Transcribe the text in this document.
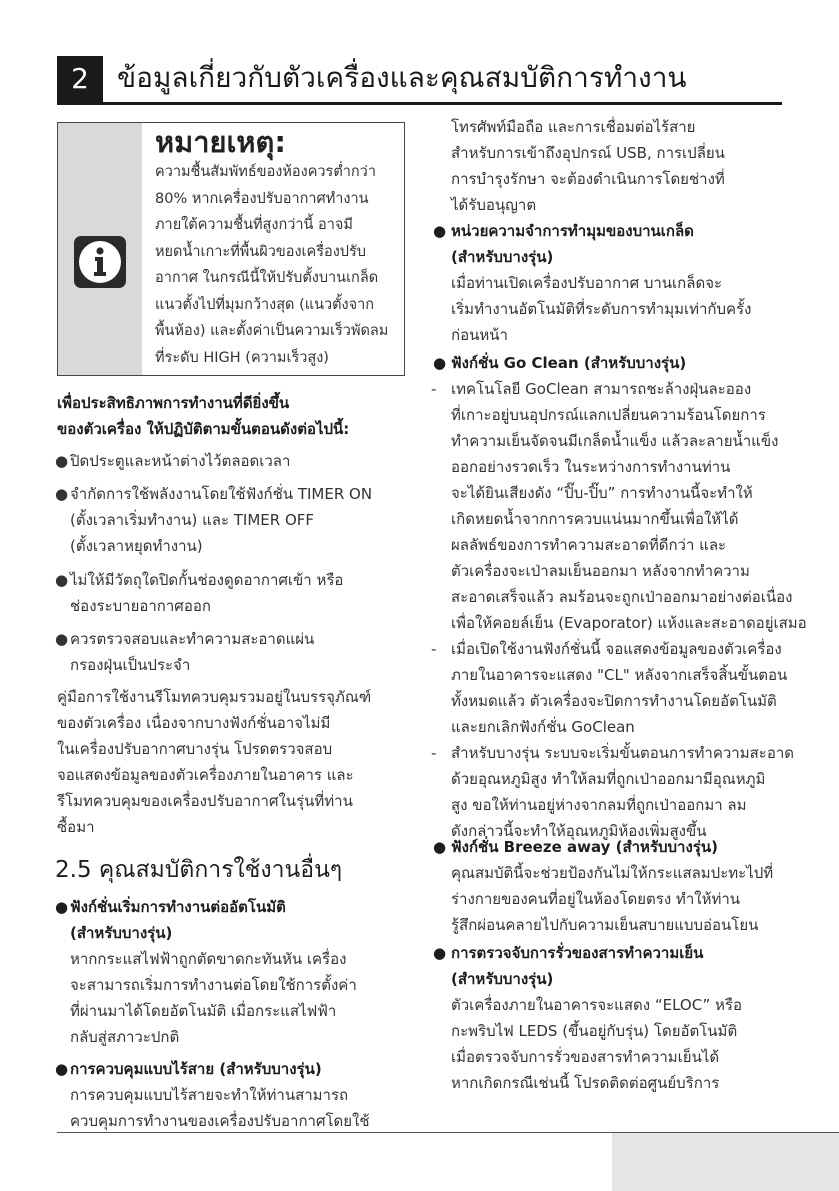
2	ข้อมูลเกี่ยวกับตัวเครื่องและคุณสมบัติการทำงาน
หมายเหตุ:
ความชื้นสัมพัทธ์ของห้องควรต่ำกว่า
80% หากเครื่องปรับอากาศทำงาน
ภายใต้ความชื้นที่สูงกว่านี้ อาจมี
หยดน้ำเกาะที่พื้นผิวของเครื่องปรับ
อากาศ ในกรณีนี้ให้ปรับตั้งบานเกล็ด
แนวตั้งไปที่มุมกว้างสุด (แนวตั้งจาก
พื้นห้อง) และตั้งค่าเป็นความเร็วพัดลม
ที่ระดับ HIGH (ความเร็วสูง)
เพื่อประสิทธิภาพการทำงานที่ดียิ่งขึ้น
ของตัวเครื่อง ให้ปฏิบัติตามขั้นตอนดังต่อไปนี้:
● ปิดประตูและหน้าต่างไว้ตลอดเวลา
● จำกัดการใช้พลังงานโดยใช้ฟังก์ชั่น TIMER ON
(ตั้งเวลาเริ่มทำงาน) และ TIMER OFF
(ตั้งเวลาหยุดทำงาน)
● ไม่ให้มีวัตถุใดปิดกั้นช่องดูดอากาศเข้า หรือ
ช่องระบายอากาศออก
● ควรตรวจสอบและทำความสะอาดแผ่น
กรองฝุ่นเป็นประจำ
คู่มือการใช้งานรีโมทควบคุมรวมอยู่ในบรรจุภัณฑ์
ของตัวเครื่อง เนื่องจากบางฟังก์ชั่นอาจไม่มี
ในเครื่องปรับอากาศบางรุ่น โปรดตรวจสอบ
จอแสดงข้อมูลของตัวเครื่องภายในอาคาร และ
รีโมทควบคุมของเครื่องปรับอากาศในรุ่นที่ท่าน
ซื้อมา
2.5 คุณสมบัติการใช้งานอื่นๆ
● ฟังก์ชั่นเริ่มการทำงานต่ออัตโนมัติ
(สำหรับบางรุ่น)
หากกระแสไฟฟ้าถูกตัดขาดกะทันหัน เครื่อง
จะสามารถเริ่มการทำงานต่อโดยใช้การตั้งค่า
ที่ผ่านมาได้โดยอัตโนมัติ เมื่อกระแสไฟฟ้า
กลับสู่สภาวะปกติ
● การควบคุมแบบไร้สาย (สำหรับบางรุ่น)
การควบคุมแบบไร้สายจะทำให้ท่านสามารถ
ควบคุมการทำงานของเครื่องปรับอากาศโดยใช้
โทรศัพท์มือถือ และการเชื่อมต่อไร้สาย
สำหรับการเข้าถึงอุปกรณ์ USB, การเปลี่ยน
การบำรุงรักษา จะต้องดำเนินการโดยช่างที่
ได้รับอนุญาต
● หน่วยความจำการทำมุมของบานเกล็ด
(สำหรับบางรุ่น)
เมื่อท่านเปิดเครื่องปรับอากาศ บานเกล็ดจะ
เริ่มทำงานอัตโนมัติที่ระดับการทำมุมเท่ากับครั้ง
ก่อนหน้า
● ฟังก์ชั่น Go Clean (สำหรับบางรุ่น)
- เทคโนโลยี GoClean สามารถชะล้างฝุ่นละออง
ที่เกาะอยู่บนอุปกรณ์แลกเปลี่ยนความร้อนโดยการ
ทำความเย็นจัดจนมีเกล็ดน้ำแข็ง แล้วละลายน้ำแข็ง
ออกอย่างรวดเร็ว ในระหว่างการทำงานท่าน
จะได้ยินเสียงดัง “ปิ๊บ-ปิ๊บ” การทำงานนี้จะทำให้
เกิดหยดน้ำจากการควบแน่นมากขึ้นเพื่อให้ได้
ผลลัพธ์ของการทำความสะอาดที่ดีกว่า และ
ตัวเครื่องจะเป่าลมเย็นออกมา หลังจากทำความ
สะอาดเสร็จแล้ว ลมร้อนจะถูกเป่าออกมาอย่างต่อเนื่อง
เพื่อให้คอยล์เย็น (Evaporator) แห้งและสะอาดอยู่เสมอ
- เมื่อเปิดใช้งานฟังก์ชั่นนี้ จอแสดงข้อมูลของตัวเครื่อง
ภายในอาคารจะแสดง "CL" หลังจากเสร็จสิ้นขั้นตอน
ทั้งหมดแล้ว ตัวเครื่องจะปิดการทำงานโดยอัตโนมัติ
และยกเลิกฟังก์ชั่น GoClean
- สำหรับบางรุ่น ระบบจะเริ่มขั้นตอนการทำความสะอาด
ด้วยอุณหภูมิสูง ทำให้ลมที่ถูกเป่าออกมามีอุณหภูมิ
สูง ขอให้ท่านอยู่ห่างจากลมที่ถูกเป่าออกมา ลม
ดังกล่าวนี้จะทำให้อุณหภูมิห้องเพิ่มสูงขึ้น
● ฟังก์ชั่น Breeze away (สำหรับบางรุ่น)
คุณสมบัตินี้จะช่วยป้องกันไม่ให้กระแสลมปะทะไปที่
ร่างกายของคนที่อยู่ในห้องโดยตรง ทำให้ท่าน
รู้สึกผ่อนคลายไปกับความเย็นสบายแบบอ่อนโยน
● การตรวจจับการรั่วของสารทำความเย็น
(สำหรับบางรุ่น)
ตัวเครื่องภายในอาคารจะแสดง “ELOC” หรือ
กะพริบไฟ LEDS (ขึ้นอยู่กับรุ่น) โดยอัตโนมัติ
เมื่อตรวจจับการรั่วของสารทำความเย็นได้
หากเกิดกรณีเช่นนี้ โปรดติดต่อศูนย์บริการ
